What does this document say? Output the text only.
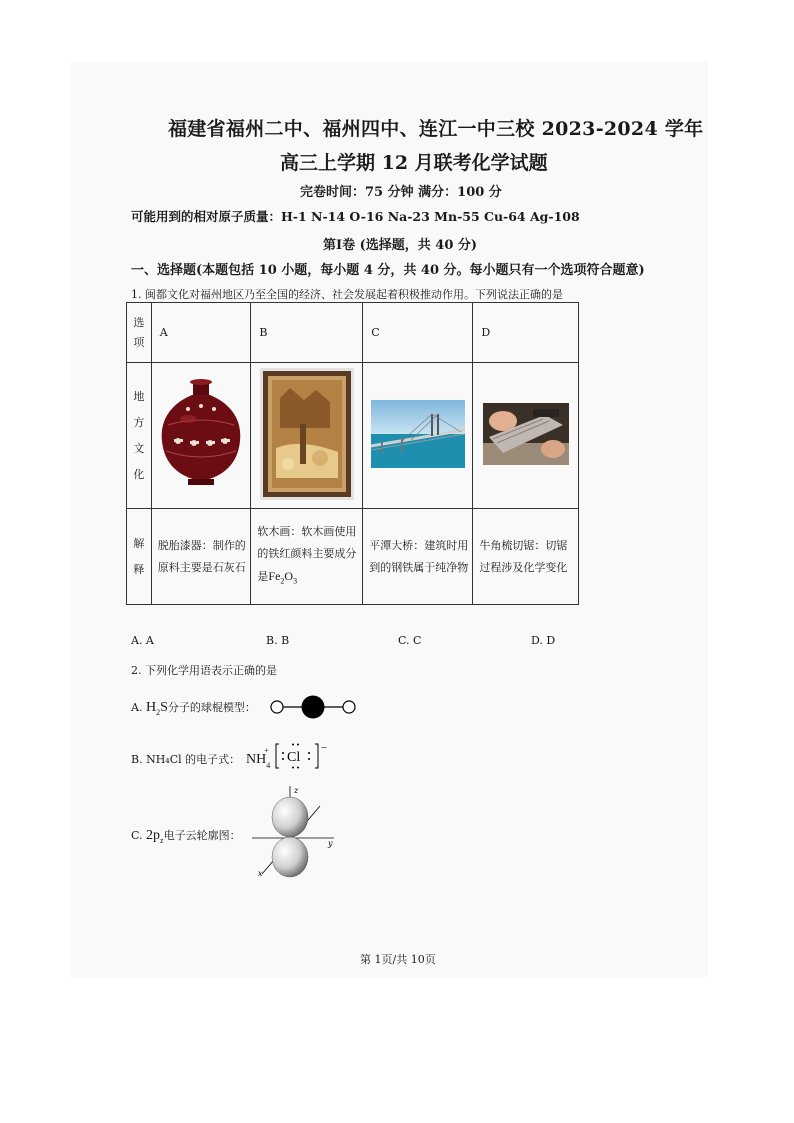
福建省福州二中、福州四中、连江一中三校 2023-2024 学年
高三上学期 12 月联考化学试题
完卷时间：75 分钟 满分：100 分
可能用到的相对原子质量：H-1 N-14 O-16 Na-23 Mn-55 Cu-64 Ag-108
第Ⅰ卷 (选择题，共 40 分)
一、选择题(本题包括 10 小题，每小题 4 分，共 40 分。每小题只有一个选项符合题意)
1. 闽都文化对福州地区乃至全国的经济、社会发展起着积极推动作用。下列说法正确的是
选项	A	B	C	D

地方文化

解释	脱胎漆器：制作的原料主要是石灰石	软木画：软木画使用的铁红颜料主要成分是$Fe_2O_3$	平潭大桥：建筑时用到的钢铁属于纯净物	牛角梳切锯：切锯过程涉及化学变化
A. A	B. B	C. C	D. D
2. 下列化学用语表示正确的是
A. $H_2S$分子的球棍模型：
B. NH₄Cl 的电子式： $NH_4^+$ Cl
−
C. $2p_z$电子云轮廓图：
z
y
x
第 1页/共 10页
